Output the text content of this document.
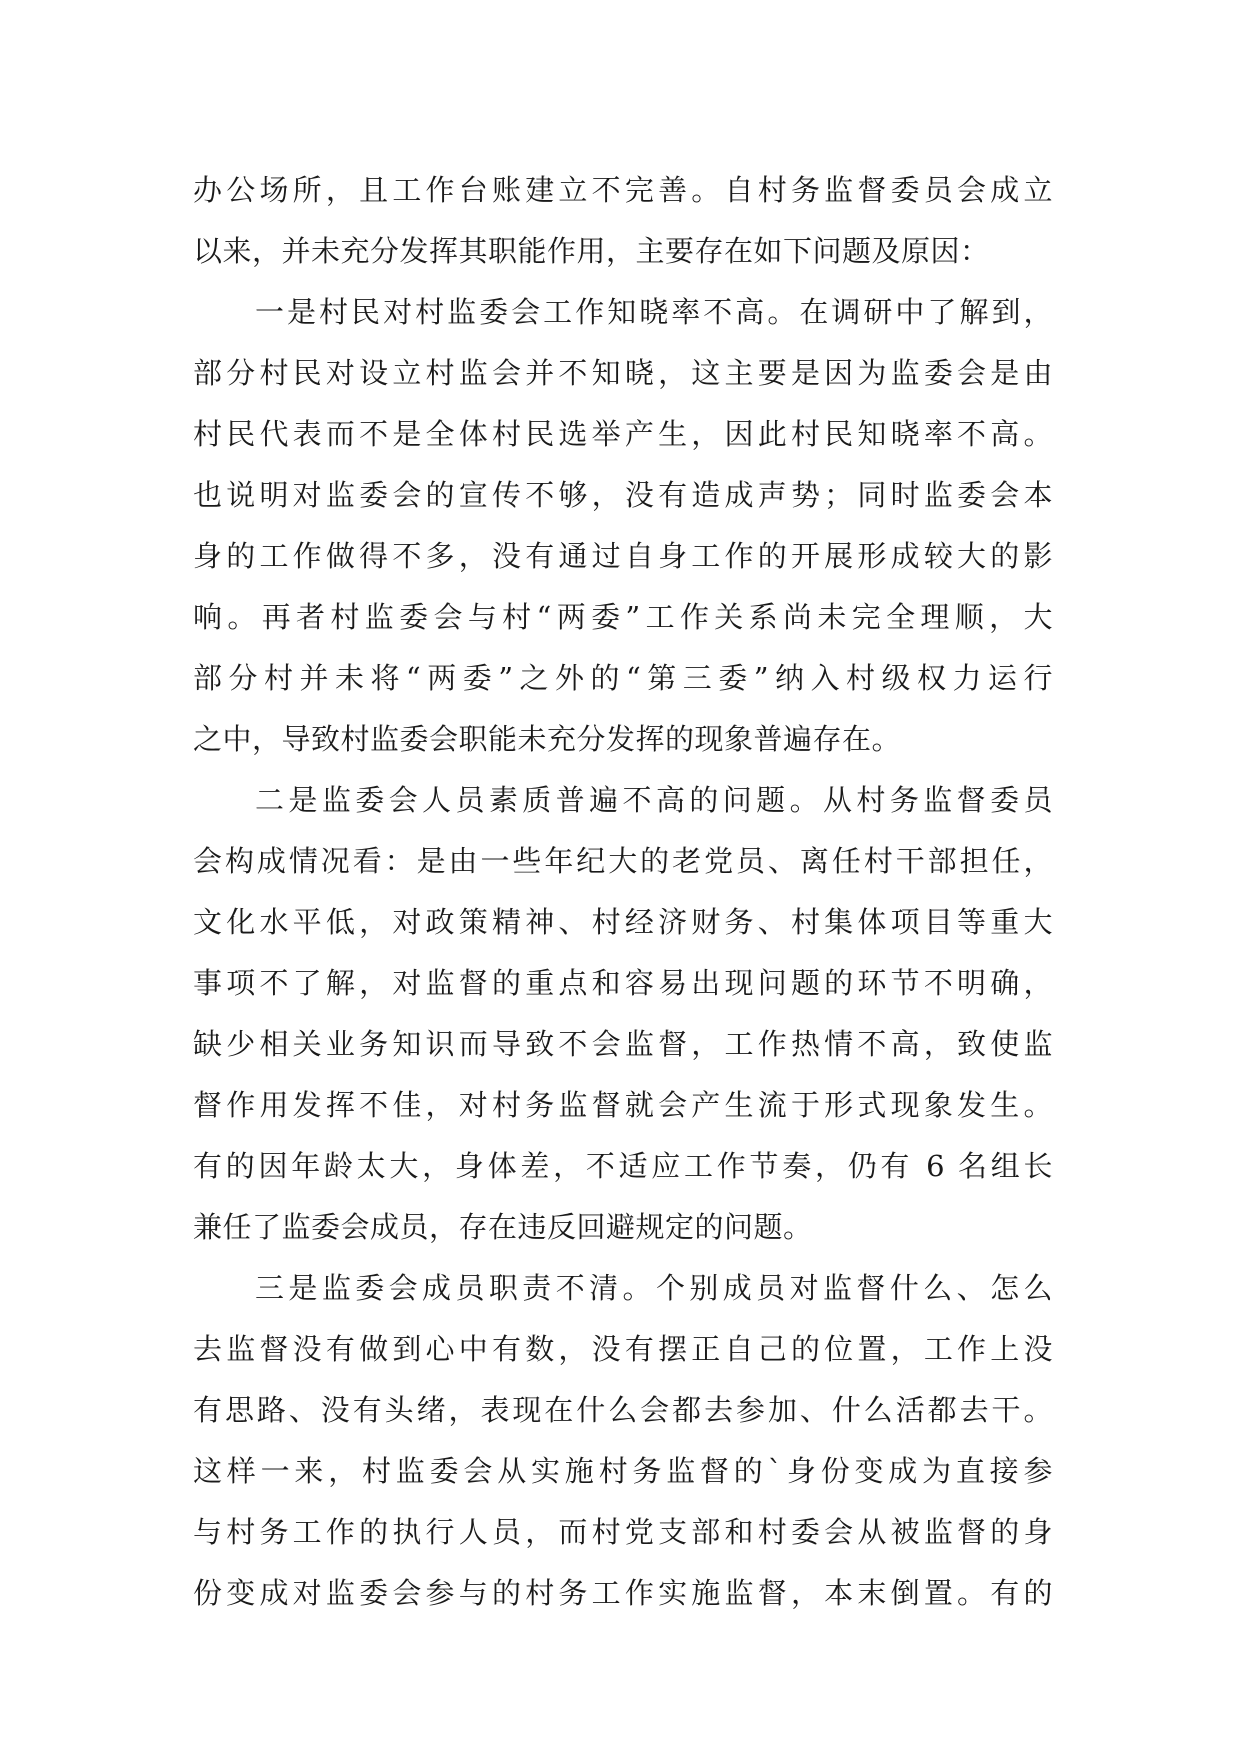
办公场所，且工作台账建立不完善。自村务监督委员会成立
以来，并未充分发挥其职能作用，主要存在如下问题及原因：
一是村民对村监委会工作知晓率不高。在调研中了解到，
部分村民对设立村监会并不知晓，这主要是因为监委会是由
村民代表而不是全体村民选举产生，因此村民知晓率不高。
也说明对监委会的宣传不够，没有造成声势；同时监委会本
身的工作做得不多，没有通过自身工作的开展形成较大的影
响。再者村监委会与村“两委”工作关系尚未完全理顺，大
部分村并未将“两委”之外的“第三委”纳入村级权力运行
之中，导致村监委会职能未充分发挥的现象普遍存在。
二是监委会人员素质普遍不高的问题。从村务监督委员
会构成情况看：是由一些年纪大的老党员、离任村干部担任，
文化水平低，对政策精神、村经济财务、村集体项目等重大
事项不了解，对监督的重点和容易出现问题的环节不明确，
缺少相关业务知识而导致不会监督，工作热情不高，致使监
督作用发挥不佳，对村务监督就会产生流于形式现象发生。
有的因年龄太大，身体差，不适应工作节奏，仍有 6 名组长
兼任了监委会成员，存在违反回避规定的问题。
三是监委会成员职责不清。个别成员对监督什么、怎么
去监督没有做到心中有数，没有摆正自己的位置，工作上没
有思路、没有头绪，表现在什么会都去参加、什么活都去干。
这样一来，村监委会从实施村务监督的`身份变成为直接参
与村务工作的执行人员，而村党支部和村委会从被监督的身
份变成对监委会参与的村务工作实施监督，本末倒置。有的
